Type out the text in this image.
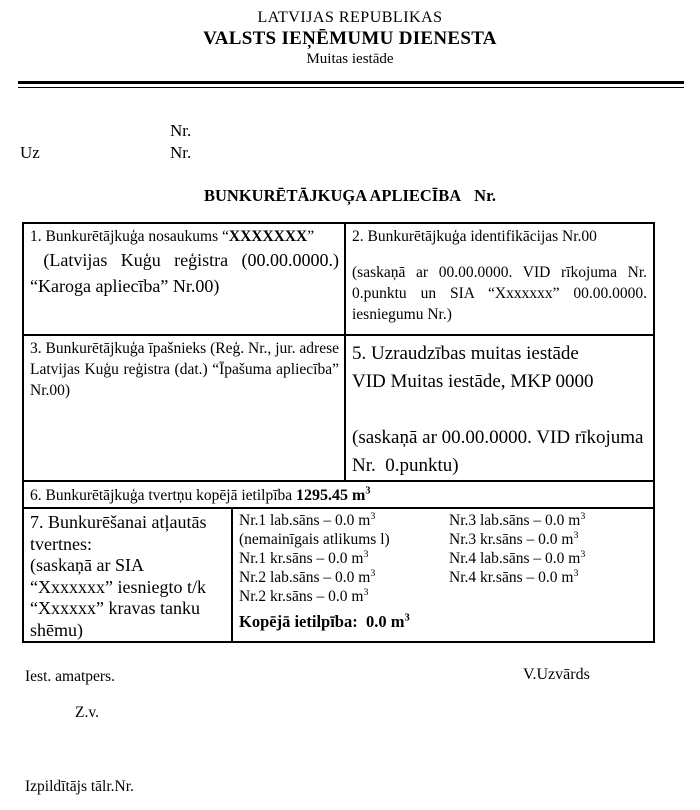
LATVIJAS REPUBLIKAS
VALSTS IEŅĒMUMU DIENESTA
Muitas iestāde
Nr.
Uz	Nr.
BUNKURĒTĀJKUĢA APLIECĪBA Nr.
1. Bunkurētājkuģa nosaukums “XXXXXXX”
(Latvijas Kuģu reģistra (00.00.0000.) “Karoga apliecība” Nr.00)
2. Bunkurētājkuģa identifikācijas Nr.00
(saskaņā ar 00.00.0000. VID rīkojuma Nr. 0.punktu un SIA “Xxxxxxx” 00.00.0000. iesniegumu Nr.)
3. Bunkurētājkuģa īpašnieks (Reģ. Nr., jur. adrese Latvijas Kuģu reģistra (dat.) “Īpašuma apliecība” Nr.00)
5. Uzraudzības muitas iestāde
VID Muitas iestāde, MKP 0000
(saskaņā ar 00.00.0000. VID rīkojuma Nr.  0.punktu)
6. Bunkurētājkuģa tvertņu kopējā ietilpība 1295.45 $m^3$
7. Bunkurēšanai atļautās tvertnes:
(saskaņā ar SIA “Xxxxxxx” iesniegto t/k “Xxxxxx” kravas tanku shēmu)
Nr.1 lab.sāns – 0.0 $m^3$
(nemainīgais atlikums l)
Nr.1 kr.sāns – 0.0 $m^3$
Nr.2 lab.sāns – 0.0 $m^3$
Nr.2 kr.sāns – 0.0 $m^3$
Nr.3 lab.sāns – 0.0 $m^3$
Nr.3 kr.sāns – 0.0 $m^3$
Nr.4 lab.sāns – 0.0 $m^3$
Nr.4 kr.sāns – 0.0 $m^3$
Kopējā ietilpība:  0.0 $m^3$
Iest. amatpers.	V.Uzvārds
Z.v.
Izpildītājs tālr.Nr.
